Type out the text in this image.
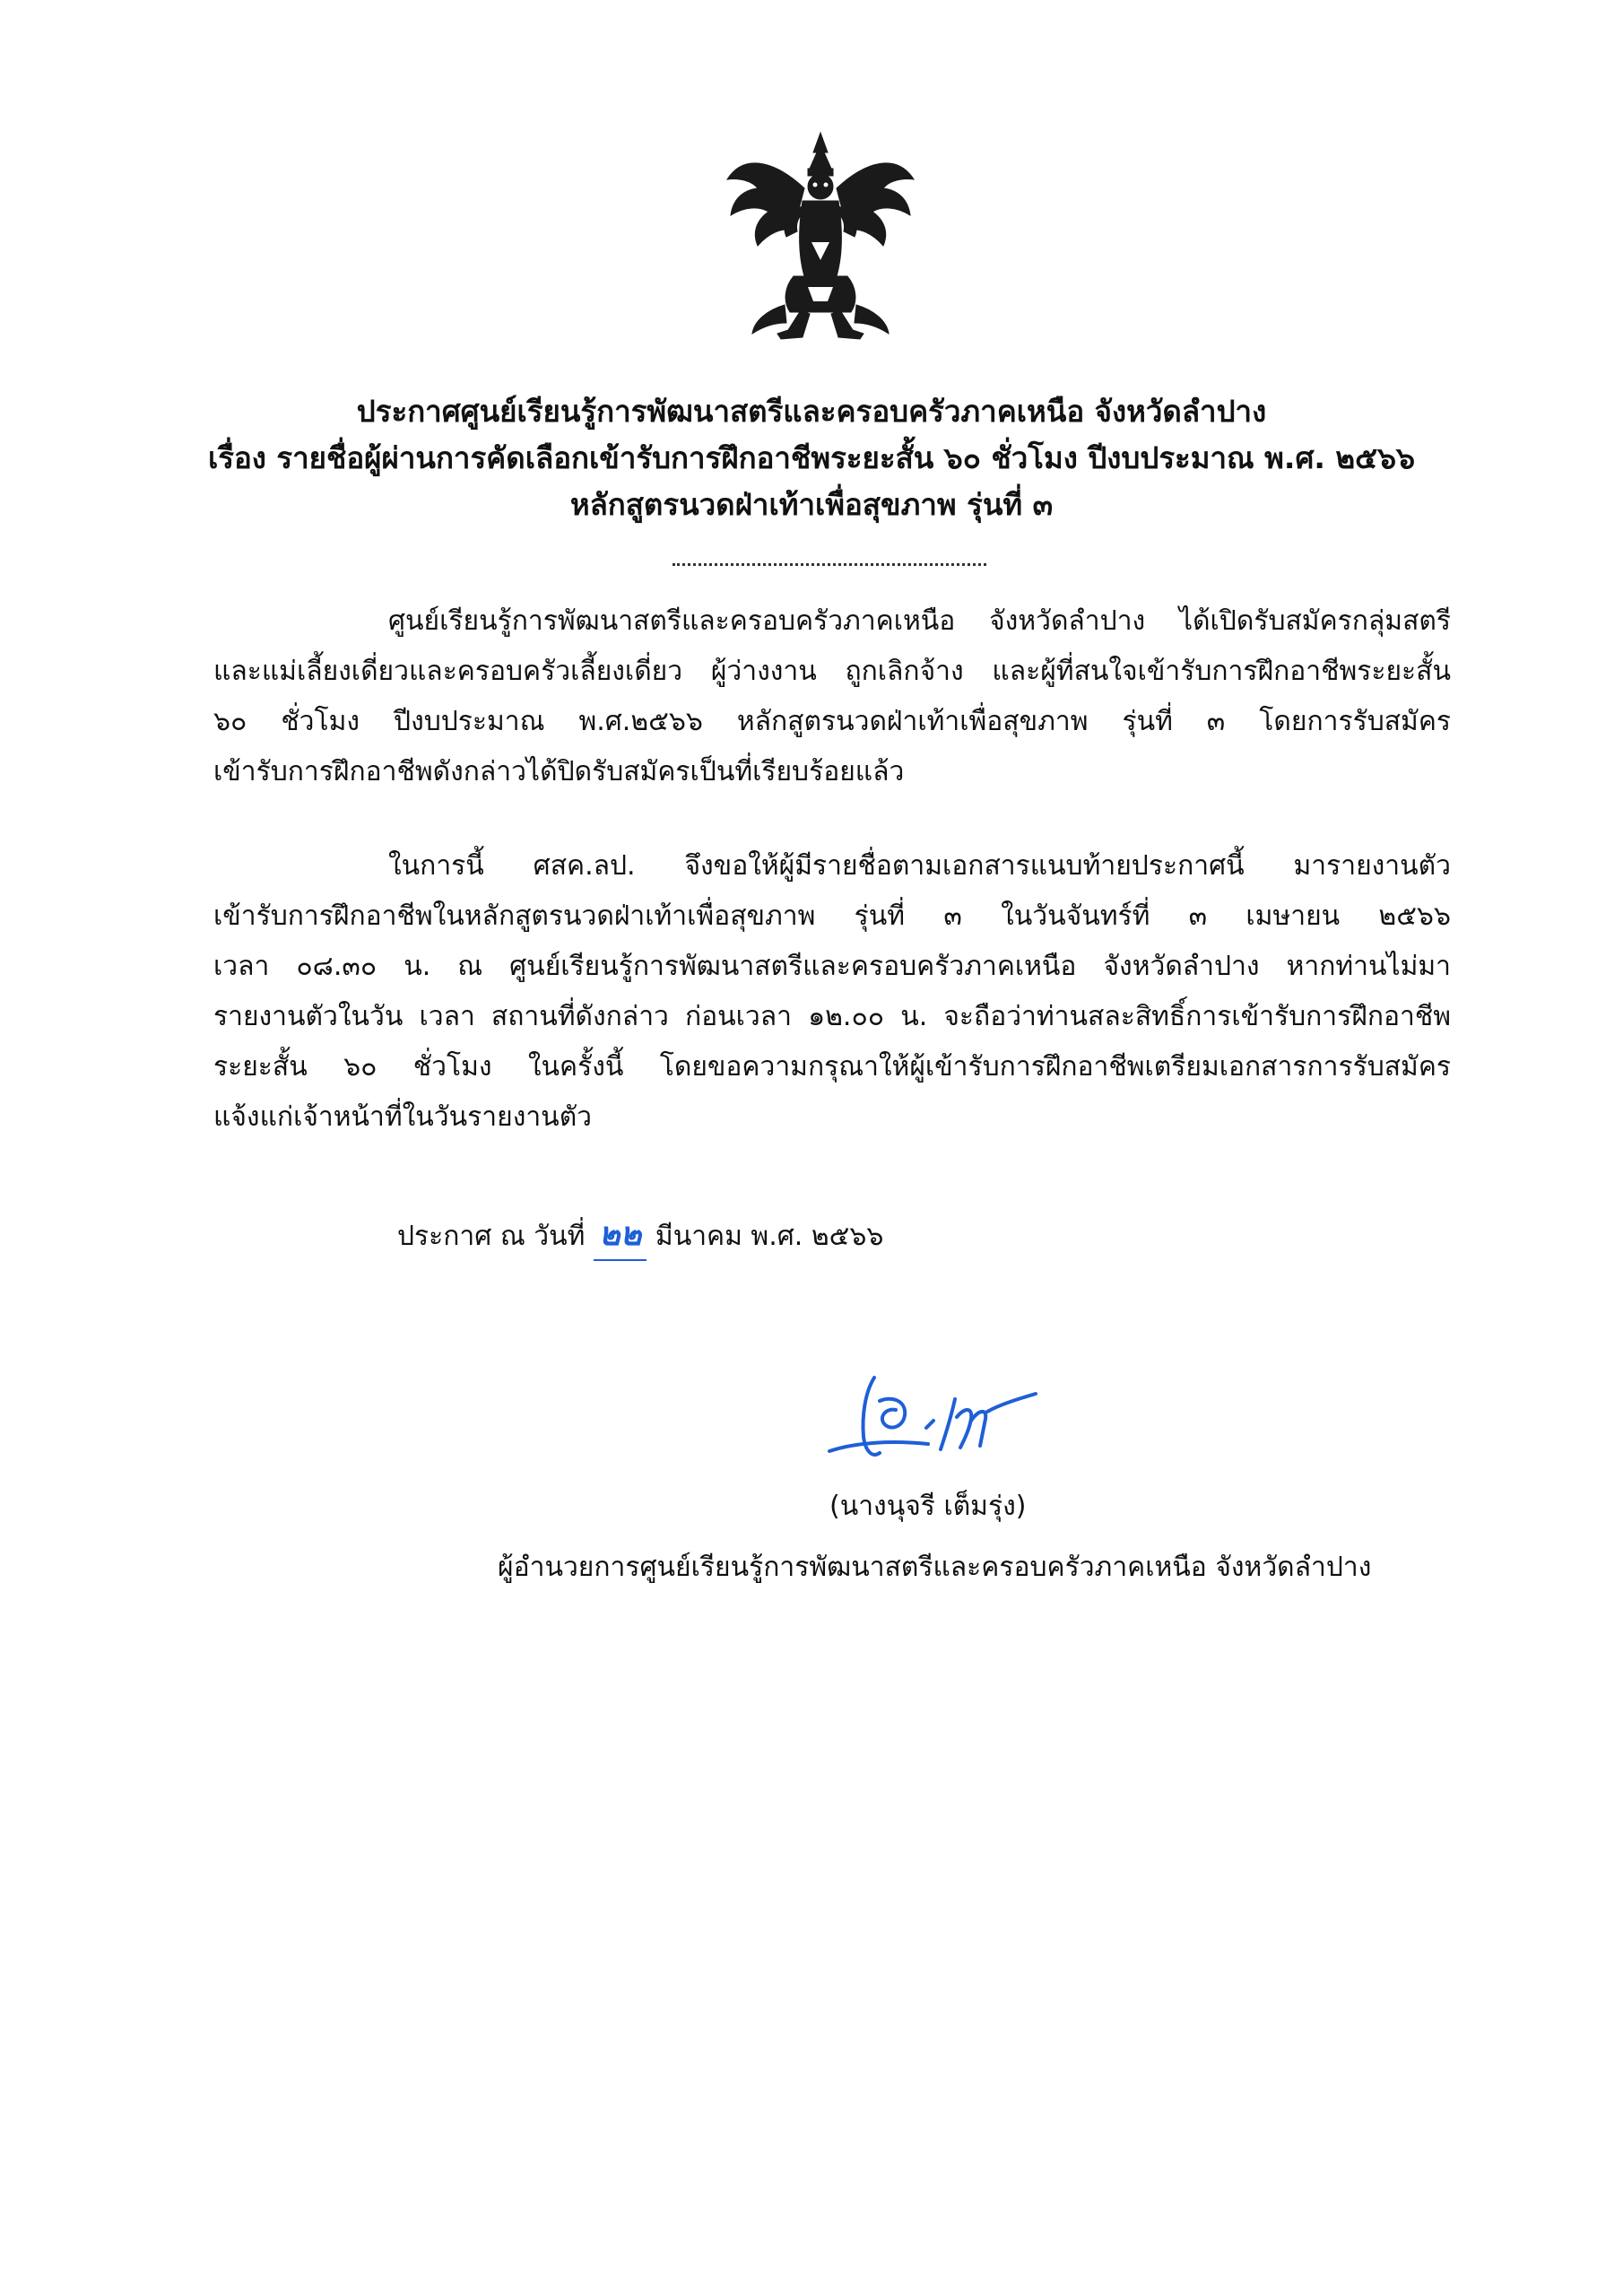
ประกาศศูนย์เรียนรู้การพัฒนาสตรีและครอบครัวภาคเหนือ จังหวัดลำปาง
เรื่อง รายชื่อผู้ผ่านการคัดเลือกเข้ารับการฝึกอาชีพระยะสั้น ๖๐ ชั่วโมง ปีงบประมาณ พ.ศ. ๒๕๖๖
หลักสูตรนวดฝ่าเท้าเพื่อสุขภาพ รุ่นที่ ๓
ศูนย์เรียนรู้การพัฒนาสตรีและครอบครัวภาคเหนือ จังหวัดลำปาง ได้เปิดรับสมัครกลุ่มสตรี
และแม่เลี้ยงเดี่ยวและครอบครัวเลี้ยงเดี่ยว ผู้ว่างงาน ถูกเลิกจ้าง และผู้ที่สนใจเข้ารับการฝึกอาชีพระยะสั้น
๖๐ ชั่วโมง ปีงบประมาณ พ.ศ.๒๕๖๖ หลักสูตรนวดฝ่าเท้าเพื่อสุขภาพ รุ่นที่ ๓ โดยการรับสมัคร
เข้ารับการฝึกอาชีพดังกล่าวได้ปิดรับสมัครเป็นที่เรียบร้อยแล้ว
ในการนี้ ศสค.ลป. จึงขอให้ผู้มีรายชื่อตามเอกสารแนบท้ายประกาศนี้ มารายงานตัว
เข้ารับการฝึกอาชีพในหลักสูตรนวดฝ่าเท้าเพื่อสุขภาพ รุ่นที่ ๓ ในวันจันทร์ที่ ๓ เมษายน ๒๕๖๖
เวลา ๐๘.๓๐ น. ณ ศูนย์เรียนรู้การพัฒนาสตรีและครอบครัวภาคเหนือ จังหวัดลำปาง หากท่านไม่มา
รายงานตัวในวัน เวลา สถานที่ดังกล่าว ก่อนเวลา ๑๒.๐๐ น. จะถือว่าท่านสละสิทธิ์การเข้ารับการฝึกอาชีพ
ระยะสั้น ๖๐ ชั่วโมง ในครั้งนี้ โดยขอความกรุณาให้ผู้เข้ารับการฝึกอาชีพเตรียมเอกสารการรับสมัคร
แจ้งแก่เจ้าหน้าที่ในวันรายงานตัว
ประกาศ ณ วันที่ ๒๒ มีนาคม พ.ศ. ๒๕๖๖
(นางนุจรี เต็มรุ่ง)
ผู้อำนวยการศูนย์เรียนรู้การพัฒนาสตรีและครอบครัวภาคเหนือ จังหวัดลำปาง
